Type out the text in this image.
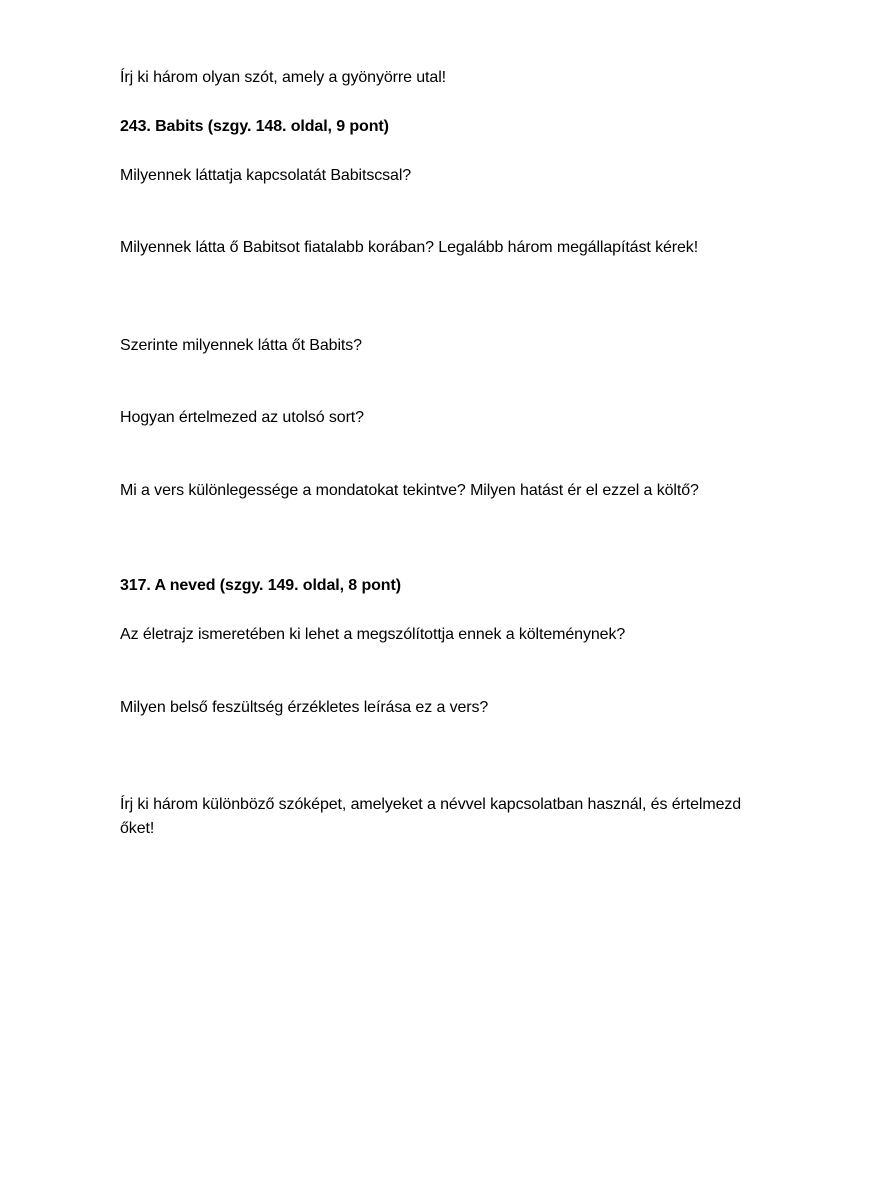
Írj ki három olyan szót, amely a gyönyörre utal!
243. Babits (szgy. 148. oldal, 9 pont)
Milyennek láttatja kapcsolatát Babitscsal?
Milyennek látta ő Babitsot fiatalabb korában? Legalább három megállapítást kérek!
Szerinte milyennek látta őt Babits?
Hogyan értelmezed az utolsó sort?
Mi a vers különlegessége a mondatokat tekintve? Milyen hatást ér el ezzel a költő?
317. A neved (szgy. 149. oldal, 8 pont)
Az életrajz ismeretében ki lehet a megszólítottja ennek a költeménynek?
Milyen belső feszültség érzékletes leírása ez a vers?
Írj ki három különböző szóképet, amelyeket a névvel kapcsolatban használ, és értelmezd
őket!
